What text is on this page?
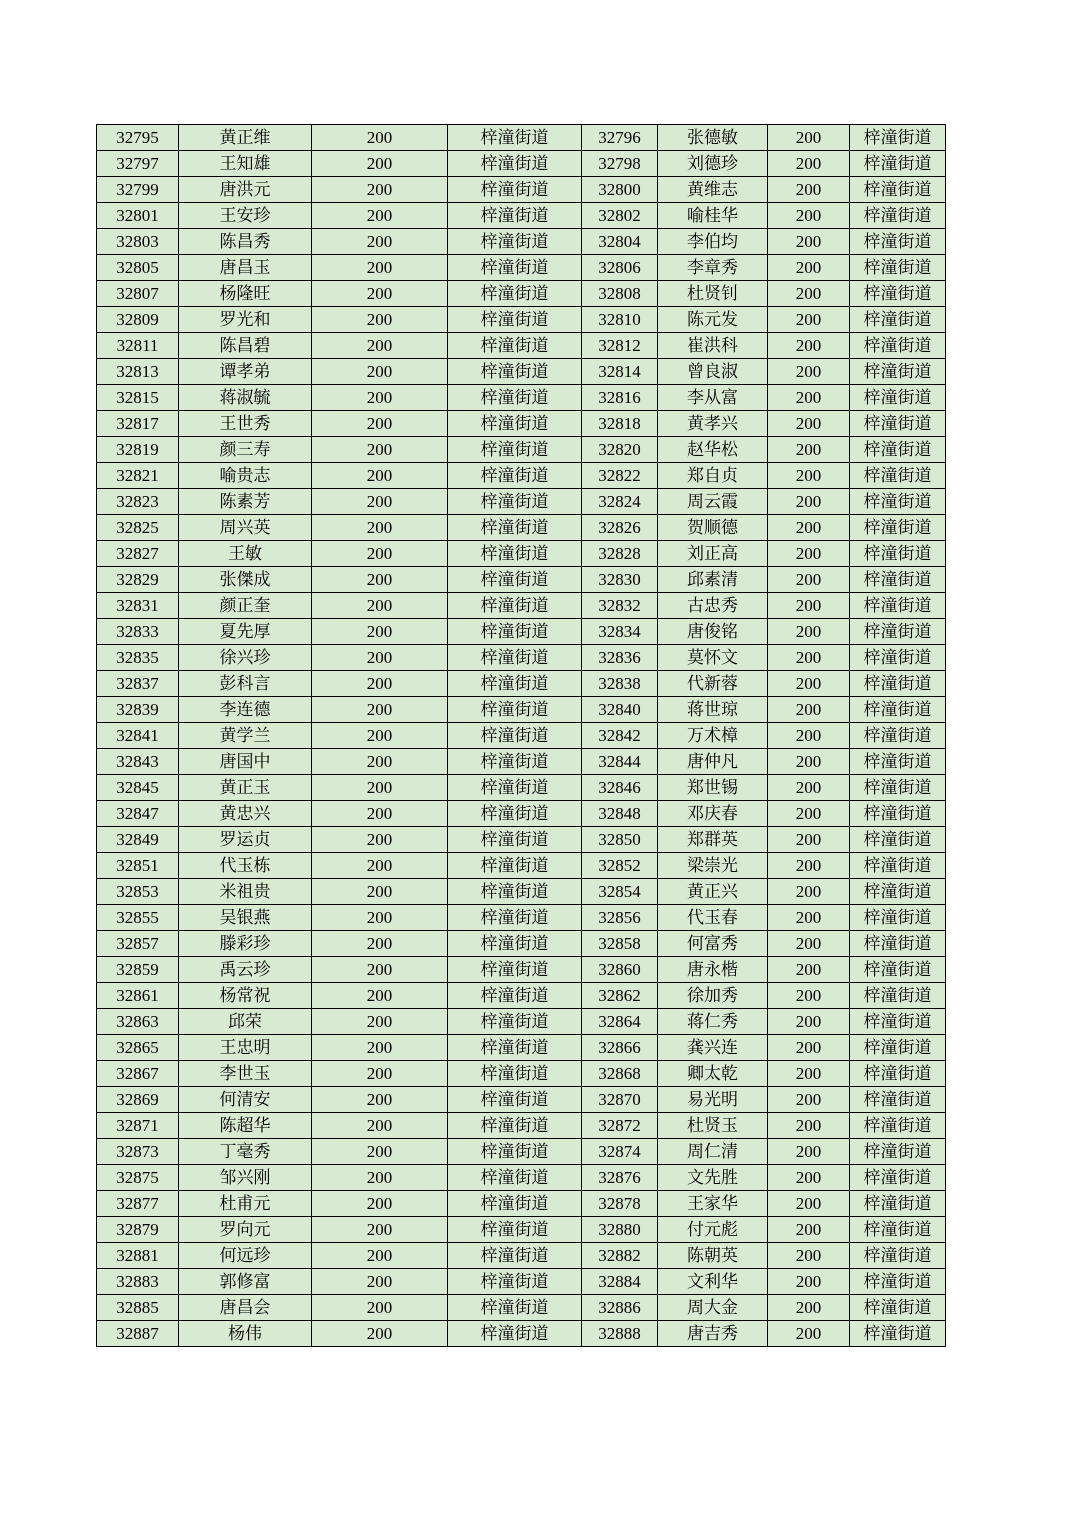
32795	黄正维	200	梓潼街道	32796	张德敏	200	梓潼街道
32797	王知雄	200	梓潼街道	32798	刘德珍	200	梓潼街道
32799	唐洪元	200	梓潼街道	32800	黄维志	200	梓潼街道
32801	王安珍	200	梓潼街道	32802	喻桂华	200	梓潼街道
32803	陈昌秀	200	梓潼街道	32804	李伯均	200	梓潼街道
32805	唐昌玉	200	梓潼街道	32806	李章秀	200	梓潼街道
32807	杨隆旺	200	梓潼街道	32808	杜贤钊	200	梓潼街道
32809	罗光和	200	梓潼街道	32810	陈元发	200	梓潼街道
32811	陈昌碧	200	梓潼街道	32812	崔洪科	200	梓潼街道
32813	谭孝弟	200	梓潼街道	32814	曾良淑	200	梓潼街道
32815	蒋淑毓	200	梓潼街道	32816	李从富	200	梓潼街道
32817	王世秀	200	梓潼街道	32818	黄孝兴	200	梓潼街道
32819	颜三寿	200	梓潼街道	32820	赵华松	200	梓潼街道
32821	喻贵志	200	梓潼街道	32822	郑自贞	200	梓潼街道
32823	陈素芳	200	梓潼街道	32824	周云霞	200	梓潼街道
32825	周兴英	200	梓潼街道	32826	贺顺德	200	梓潼街道
32827	王敏	200	梓潼街道	32828	刘正高	200	梓潼街道
32829	张傑成	200	梓潼街道	32830	邱素清	200	梓潼街道
32831	颜正奎	200	梓潼街道	32832	古忠秀	200	梓潼街道
32833	夏先厚	200	梓潼街道	32834	唐俊铭	200	梓潼街道
32835	徐兴珍	200	梓潼街道	32836	莫怀文	200	梓潼街道
32837	彭科言	200	梓潼街道	32838	代新蓉	200	梓潼街道
32839	李连德	200	梓潼街道	32840	蒋世琼	200	梓潼街道
32841	黄学兰	200	梓潼街道	32842	万术樟	200	梓潼街道
32843	唐国中	200	梓潼街道	32844	唐仲凡	200	梓潼街道
32845	黄正玉	200	梓潼街道	32846	郑世锡	200	梓潼街道
32847	黄忠兴	200	梓潼街道	32848	邓庆春	200	梓潼街道
32849	罗运贞	200	梓潼街道	32850	郑群英	200	梓潼街道
32851	代玉栋	200	梓潼街道	32852	梁崇光	200	梓潼街道
32853	米祖贵	200	梓潼街道	32854	黄正兴	200	梓潼街道
32855	吴银燕	200	梓潼街道	32856	代玉春	200	梓潼街道
32857	滕彩珍	200	梓潼街道	32858	何富秀	200	梓潼街道
32859	禹云珍	200	梓潼街道	32860	唐永楷	200	梓潼街道
32861	杨常祝	200	梓潼街道	32862	徐加秀	200	梓潼街道
32863	邱荣	200	梓潼街道	32864	蒋仁秀	200	梓潼街道
32865	王忠明	200	梓潼街道	32866	龚兴连	200	梓潼街道
32867	李世玉	200	梓潼街道	32868	卿太乾	200	梓潼街道
32869	何清安	200	梓潼街道	32870	易光明	200	梓潼街道
32871	陈超华	200	梓潼街道	32872	杜贤玉	200	梓潼街道
32873	丁毫秀	200	梓潼街道	32874	周仁清	200	梓潼街道
32875	邹兴刚	200	梓潼街道	32876	文先胜	200	梓潼街道
32877	杜甫元	200	梓潼街道	32878	王家华	200	梓潼街道
32879	罗向元	200	梓潼街道	32880	付元彪	200	梓潼街道
32881	何远珍	200	梓潼街道	32882	陈朝英	200	梓潼街道
32883	郭修富	200	梓潼街道	32884	文利华	200	梓潼街道
32885	唐昌会	200	梓潼街道	32886	周大金	200	梓潼街道
32887	杨伟	200	梓潼街道	32888	唐吉秀	200	梓潼街道
